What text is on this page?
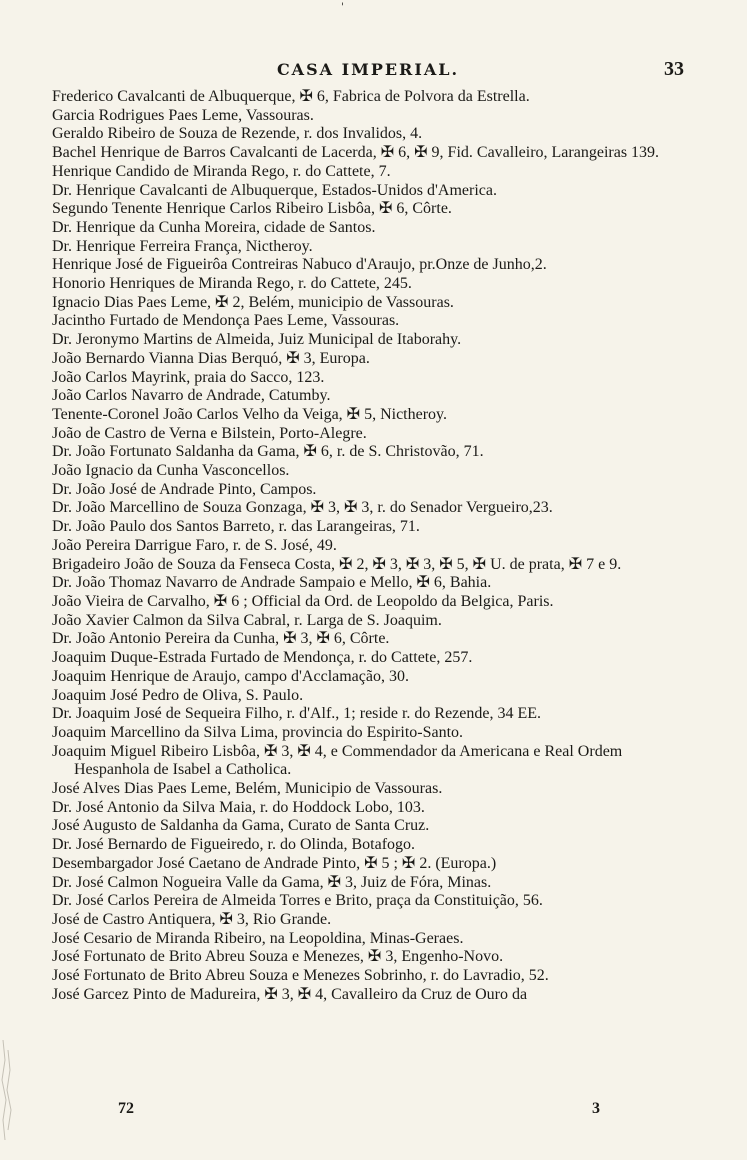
'
CASA IMPERIAL.	33
Frederico Cavalcanti de Albuquerque, ✠ 6, Fabrica de Polvora da Estrella.
Garcia Rodrigues Paes Leme, Vassouras.
Geraldo Ribeiro de Souza de Rezende, r. dos Invalidos, 4.
Bachel Henrique de Barros Cavalcanti de Lacerda, ✠ 6, ✠ 9, Fid. Cavalleiro, Larangeiras 139.
Henrique Candido de Miranda Rego, r. do Cattete, 7.
Dr. Henrique Cavalcanti de Albuquerque, Estados-Unidos d'America.
Segundo Tenente Henrique Carlos Ribeiro Lisbôa, ✠ 6, Côrte.
Dr. Henrique da Cunha Moreira, cidade de Santos.
Dr. Henrique Ferreira França, Nictheroy.
Henrique José de Figueirôa Contreiras Nabuco d'Araujo, pr.Onze de Junho,2.
Honorio Henriques de Miranda Rego, r. do Cattete, 245.
Ignacio Dias Paes Leme, ✠ 2, Belém, municipio de Vassouras.
Jacintho Furtado de Mendonça Paes Leme, Vassouras.
Dr. Jeronymo Martins de Almeida, Juiz Municipal de Itaborahy.
João Bernardo Vianna Dias Berquó, ✠ 3, Europa.
João Carlos Mayrink, praia do Sacco, 123.
João Carlos Navarro de Andrade, Catumby.
Tenente-Coronel João Carlos Velho da Veiga, ✠ 5, Nictheroy.
João de Castro de Verna e Bilstein, Porto-Alegre.
Dr. João Fortunato Saldanha da Gama, ✠ 6, r. de S. Christovão, 71.
João Ignacio da Cunha Vasconcellos.
Dr. João José de Andrade Pinto, Campos.
Dr. João Marcellino de Souza Gonzaga, ✠ 3, ✠ 3, r. do Senador Vergueiro,23.
Dr. João Paulo dos Santos Barreto, r. das Larangeiras, 71.
João Pereira Darrigue Faro, r. de S. José, 49.
Brigadeiro João de Souza da Fenseca Costa, ✠ 2, ✠ 3, ✠ 3, ✠ 5, ✠ U. de prata, ✠ 7 e 9.
Dr. João Thomaz Navarro de Andrade Sampaio e Mello, ✠ 6, Bahia.
João Vieira de Carvalho, ✠ 6 ; Official da Ord. de Leopoldo da Belgica, Paris.
João Xavier Calmon da Silva Cabral, r. Larga de S. Joaquim.
Dr. João Antonio Pereira da Cunha, ✠ 3, ✠ 6, Côrte.
Joaquim Duque-Estrada Furtado de Mendonça, r. do Cattete, 257.
Joaquim Henrique de Araujo, campo d'Acclamação, 30.
Joaquim José Pedro de Oliva, S. Paulo.
Dr. Joaquim José de Sequeira Filho, r. d'Alf., 1; reside r. do Rezende, 34 EE.
Joaquim Marcellino da Silva Lima, provincia do Espirito-Santo.
Joaquim Miguel Ribeiro Lisbôa, ✠ 3, ✠ 4, e Commendador da Americana e Real Ordem Hespanhola de Isabel a Catholica.
José Alves Dias Paes Leme, Belém, Municipio de Vassouras.
Dr. José Antonio da Silva Maia, r. do Hoddock Lobo, 103.
José Augusto de Saldanha da Gama, Curato de Santa Cruz.
Dr. José Bernardo de Figueiredo, r. do Olinda, Botafogo.
Desembargador José Caetano de Andrade Pinto, ✠ 5 ; ✠ 2. (Europa.)
Dr. José Calmon Nogueira Valle da Gama, ✠ 3, Juiz de Fóra, Minas.
Dr. José Carlos Pereira de Almeida Torres e Brito, praça da Constituição, 56.
José de Castro Antiquera, ✠ 3, Rio Grande.
José Cesario de Miranda Ribeiro, na Leopoldina, Minas-Geraes.
José Fortunato de Brito Abreu Souza e Menezes, ✠ 3, Engenho-Novo.
José Fortunato de Brito Abreu Souza e Menezes Sobrinho, r. do Lavradio, 52.
José Garcez Pinto de Madureira, ✠ 3, ✠ 4, Cavalleiro da Cruz de Ouro da
72	3
